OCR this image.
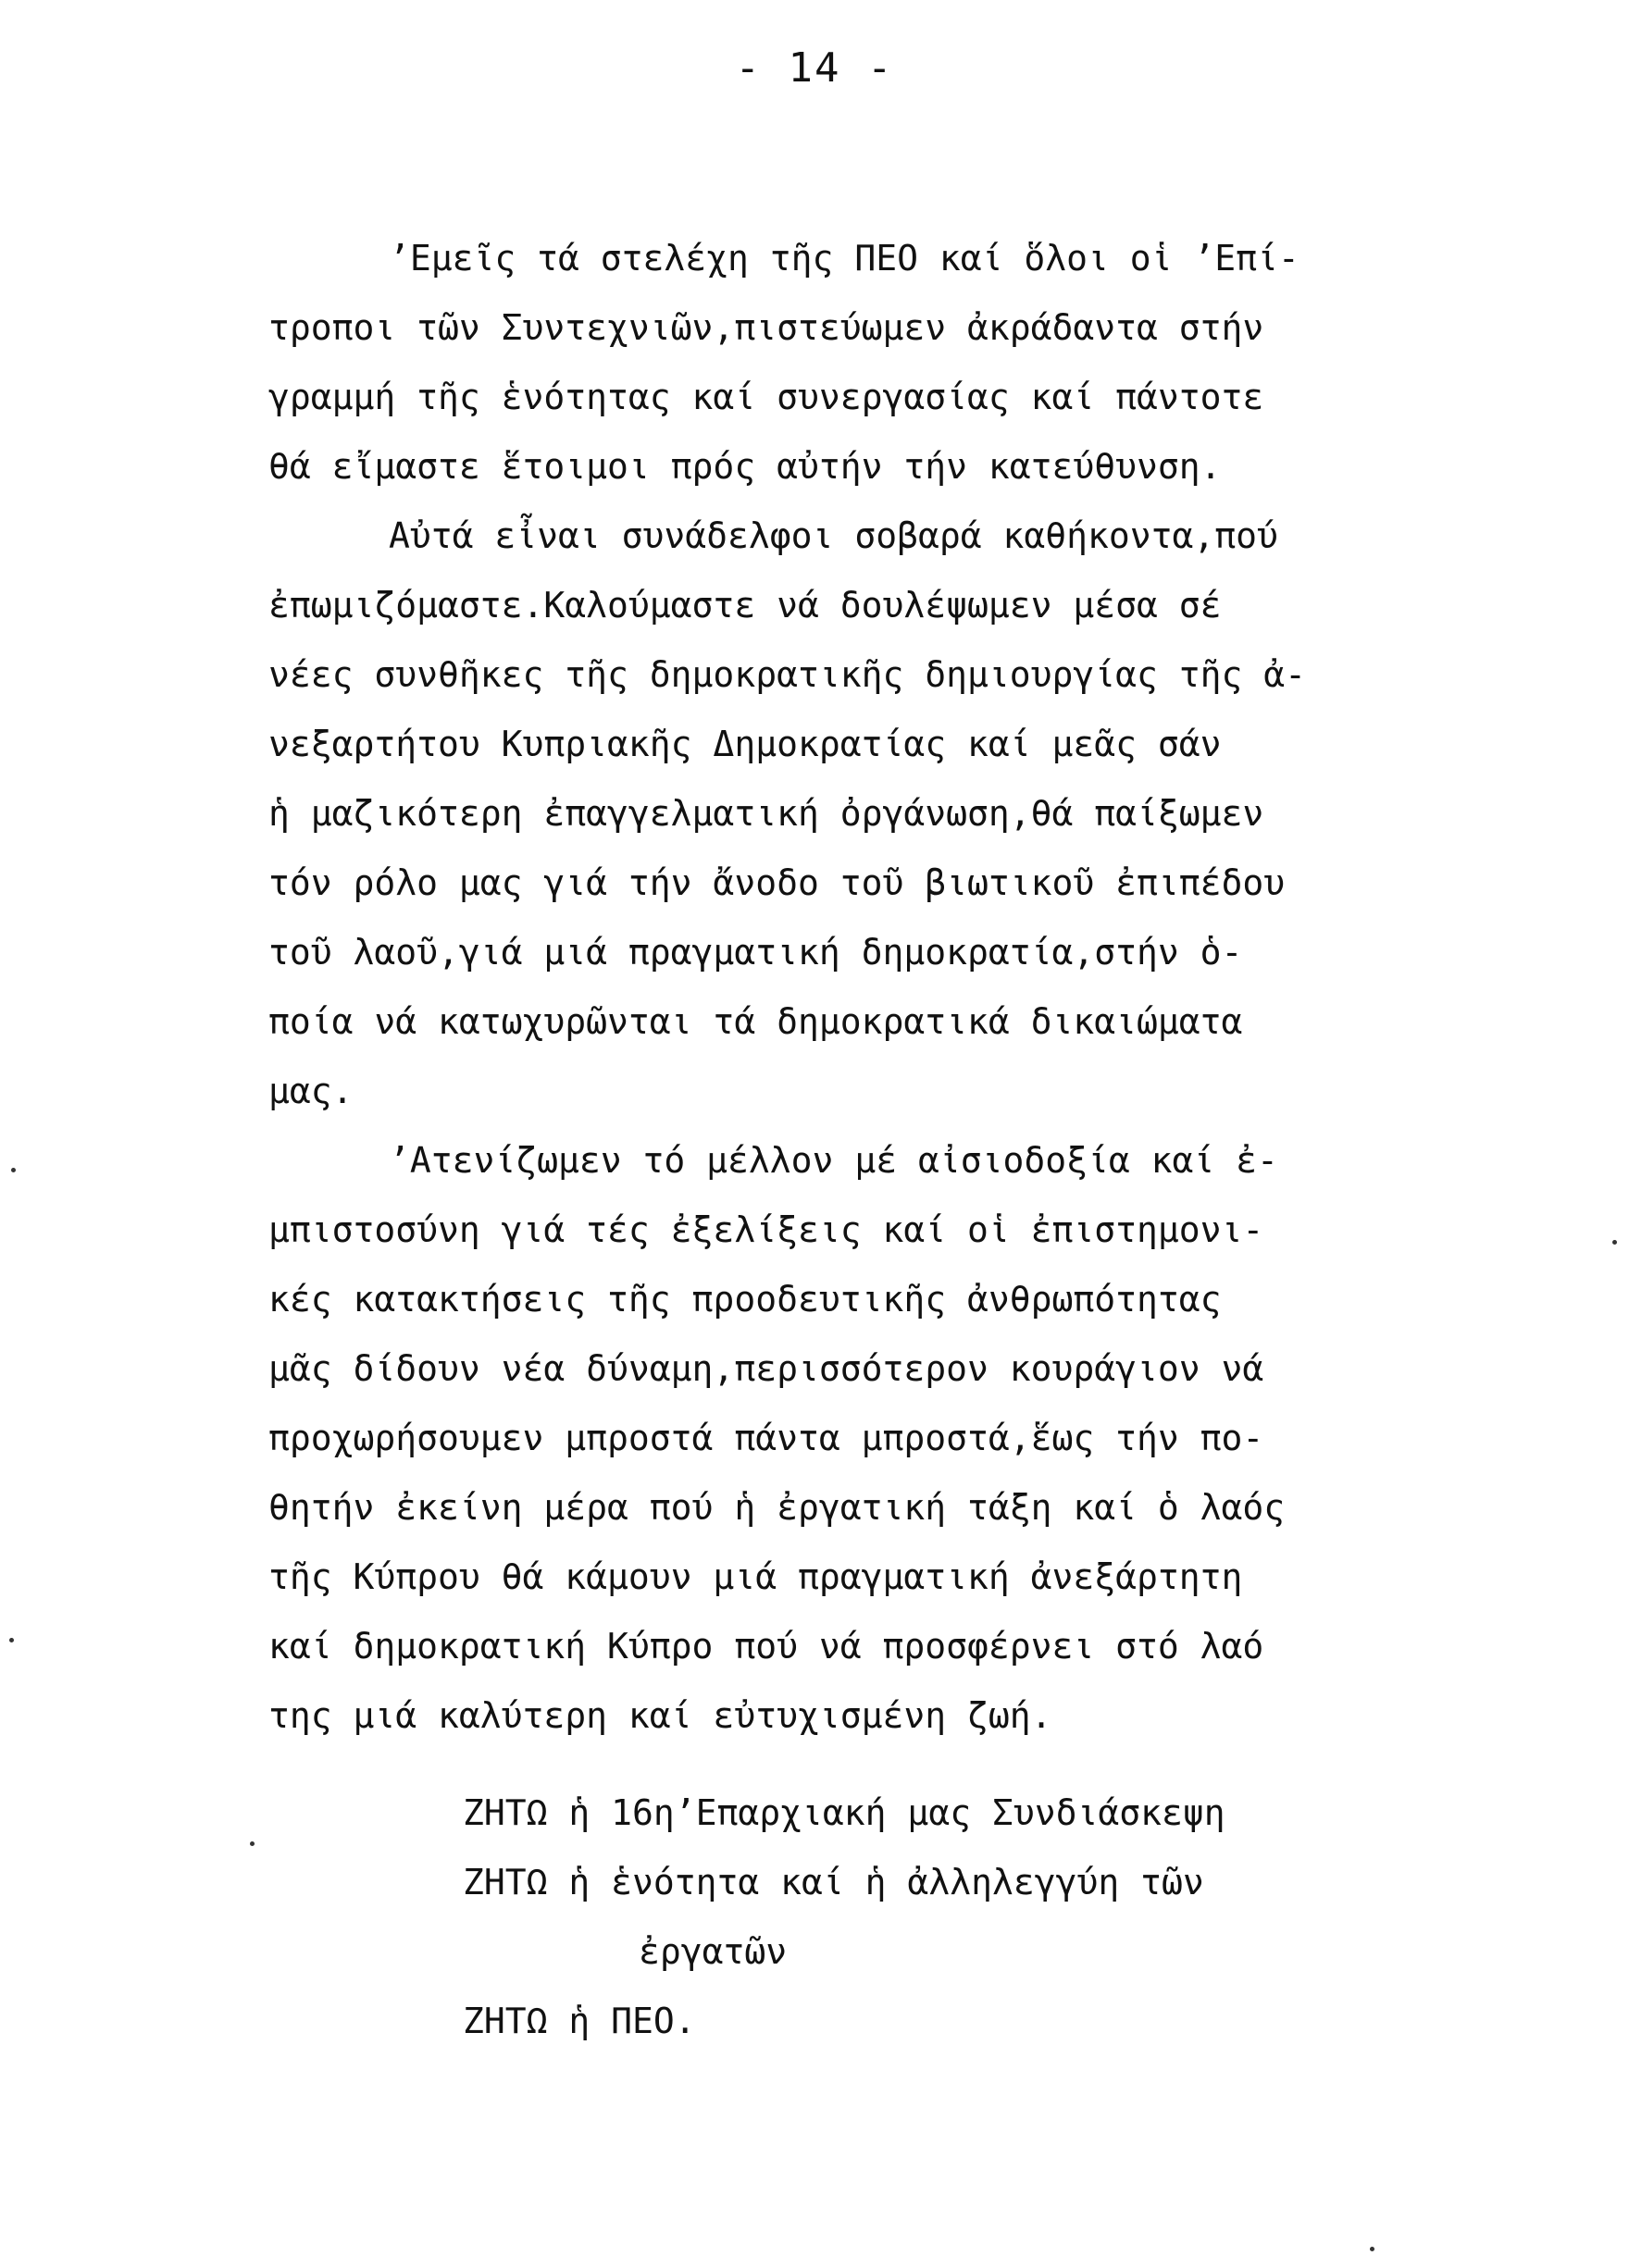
- 14 -
’Εμεῖς τά στελέχη τῆς ΠΕΟ καί ὅλοι οἱ ’Επί-
τροποι τῶν Συντεχνιῶν,πιστεύωμεν ἀκράδαντα στήν
γραμμή τῆς ἑνότητας καί συνεργασίας καί πάντοτε
θά εἴμαστε ἕτοιμοι πρός αὐτήν τήν κατεύθυνση.
Αὐτά εἶναι συνάδελφοι σοβαρά καθήκοντα,πού
ἐπωμιζόμαστε.Καλούμαστε νά δουλέψωμεν μέσα σέ
νέες συνθῆκες τῆς δημοκρατικῆς δημιουργίας τῆς ἀ-
νεξαρτήτου Κυπριακῆς Δημοκρατίας καί μεᾶς σάν
ἡ μαζικότερη ἐπαγγελματική ὀργάνωση,θά παίξωμεν
τόν ρόλο μας γιά τήν ἄνοδο τοῦ βιωτικοῦ ἐπιπέδου
τοῦ λαοῦ,γιά μιά πραγματική δημοκρατία,στήν ὁ-
ποία νά κατωχυρῶνται τά δημοκρατικά δικαιώματα
μας.
’Ατενίζωμεν τό μέλλον μέ αἰσιοδοξία καί ἐ-
μπιστοσύνη γιά τές ἐξελίξεις καί οἱ ἐπιστημονι-
κές κατακτήσεις τῆς προοδευτικῆς ἀνθρωπότητας
μᾶς δίδουν νέα δύναμη,περισσότερον κουράγιον νά
προχωρήσουμεν μπροστά πάντα μπροστά,ἕως τήν πο-
θητήν ἐκείνη μέρα πού ἡ ἐργατική τάξη καί ὁ λαός
τῆς Κύπρου θά κάμουν μιά πραγματική ἀνεξάρτητη
καί δημοκρατική Κύπρο πού νά προσφέρνει στό λαό
της μιά καλύτερη καί εὐτυχισμένη ζωή.
ΖΗΤΩ ἡ 16η’Επαρχιακή μας Συνδιάσκεψη
ΖΗΤΩ ἡ ἑνότητα καί ἡ ἀλληλεγγύη τῶν
ἐργατῶν
ΖΗΤΩ ἡ ΠΕΟ.
